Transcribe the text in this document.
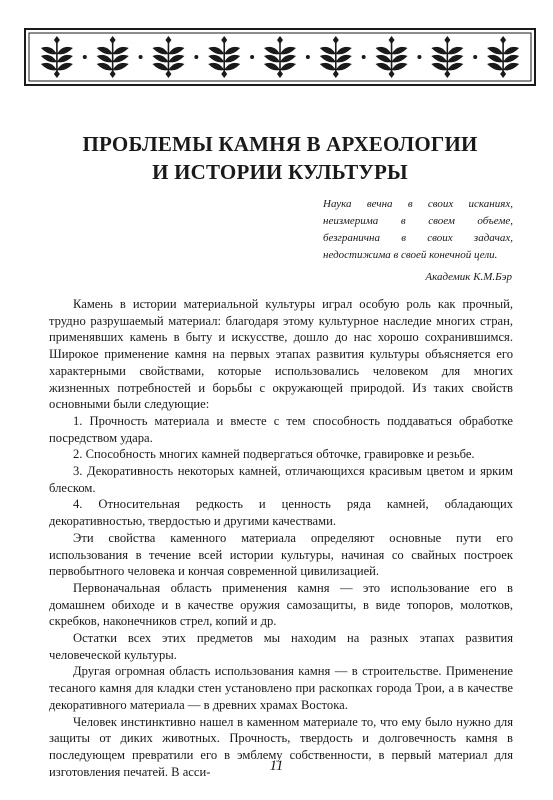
ПРОБЛЕМЫ КАМНЯ В АРХЕОЛОГИИ
И ИСТОРИИ КУЛЬТУРЫ
Наука вечна в своих исканиях, неизмерима в своем объеме, безгранична в своих задачах, недостижима в своей конечной цели.
Академик К.М.Бэр

Камень в истории материальной культуры играл особую роль как прочный, трудно разрушаемый материал: благодаря этому культурное наследие многих стран, применявших камень в быту и искусстве, дошло до нас хорошо сохранившимся. Широкое применение камня на первых этапах развития культуры объясняется его характерными свойствами, которые использовались человеком для многих жизненных потребностей и борьбы с окружающей природой. Из таких свойств основными были следующие:

1. Прочность материала и вместе с тем способность поддаваться обработке посредством удара.

2. Способность многих камней подвергаться обточке, гравировке и резьбе.

3. Декоративность некоторых камней, отличающихся красивым цветом и ярким блеском.

4. Относительная редкость и ценность ряда камней, обладающих декоративностью, твердостью и другими качествами.

Эти свойства каменного материала определяют основные пути его использования в течение всей истории культуры, начиная со свайных построек первобытного человека и кончая современной цивилизацией.

Первоначальная область применения камня — это использование его в домашнем обиходе и в качестве оружия самозащиты, в виде топоров, молотков, скребков, наконечников стрел, копий и др.

Остатки всех этих предметов мы находим на разных этапах развития человеческой культуры.

Другая огромная область использования камня — в строительстве. Применение тесаного камня для кладки стен установлено при раскопках города Трои, а в качестве декоративного материала — в древних храмах Востока.

Человек инстинктивно нашел в каменном материале то, что ему было нужно для защиты от диких животных. Прочность, твердость и долговечность камня в последующем превратили его в эмблему собственности, в первый материал для изготовления печатей. В асси-	11
